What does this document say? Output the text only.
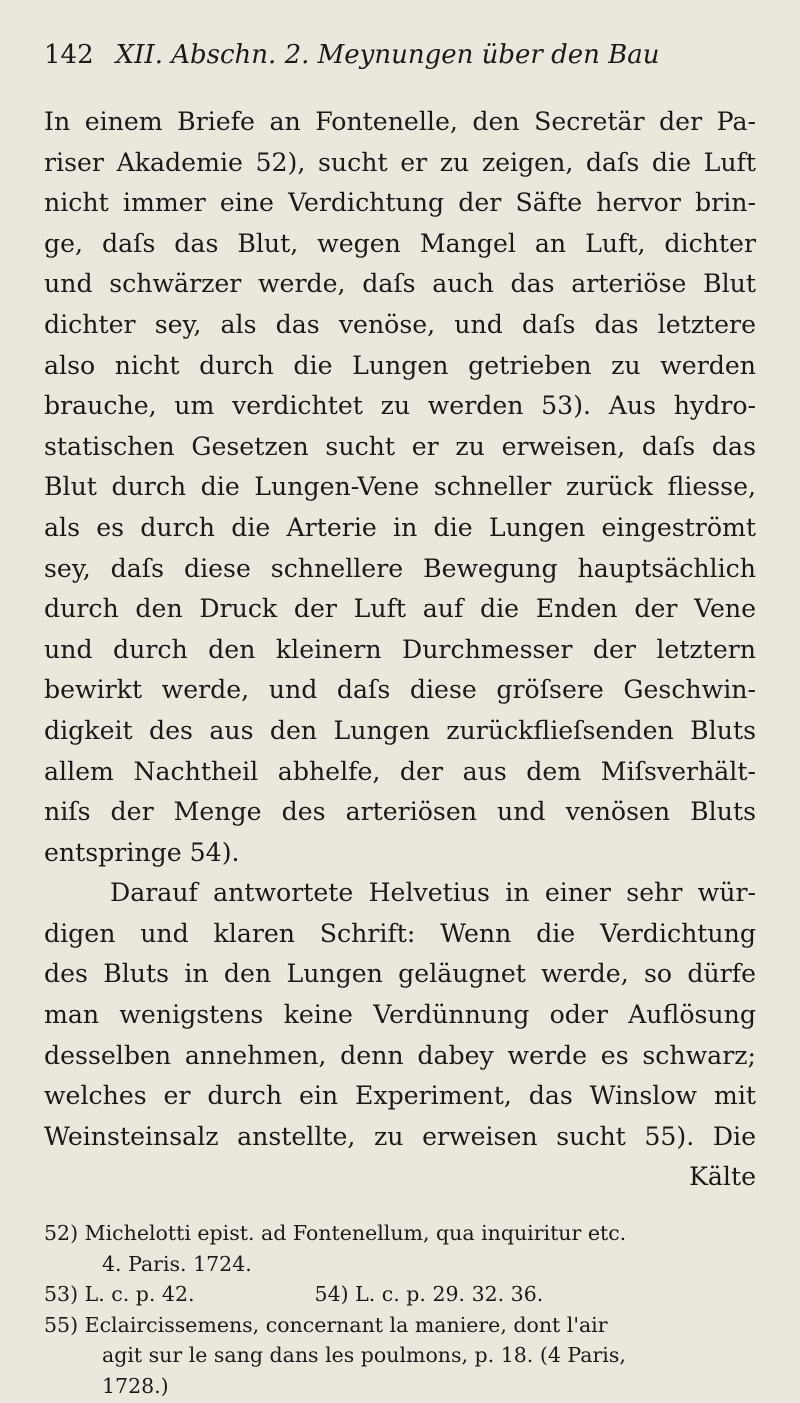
142 XII. Abschn. 2. Meynungen über den Bau
In einem Briefe an Fontenelle, den Secretär der Pa-
riser Akademie 52), sucht er zu zeigen, daſs die Luft
nicht immer eine Verdichtung der Säfte hervor brin-
ge, daſs das Blut, wegen Mangel an Luft, dichter
und schwärzer werde, daſs auch das arteriöse Blut
dichter sey, als das venöse, und daſs das letztere
also nicht durch die Lungen getrieben zu werden
brauche, um verdichtet zu werden 53). Aus hydro-
statischen Gesetzen sucht er zu erweisen, daſs das
Blut durch die Lungen-Vene schneller zurück fliesse,
als es durch die Arterie in die Lungen eingeströmt
sey, daſs diese schnellere Bewegung hauptsächlich
durch den Druck der Luft auf die Enden der Vene
und durch den kleinern Durchmesser der letztern
bewirkt werde, und daſs diese gröſsere Geschwin-
digkeit des aus den Lungen zurückflieſsenden Bluts
allem Nachtheil abhelfe, der aus dem Miſsverhält-
niſs der Menge des arteriösen und venösen Bluts
entspringe 54).
Darauf antwortete Helvetius in einer sehr wür-
digen und klaren Schrift: Wenn die Verdichtung
des Bluts in den Lungen geläugnet werde, so dürfe
man wenigstens keine Verdünnung oder Auflösung
desselben annehmen, denn dabey werde es schwarz;
welches er durch ein Experiment, das Winslow mit
Weinsteinsalz anstellte, zu erweisen sucht 55). Die
Kälte
52) Michelotti epist. ad Fontenellum, qua inquiritur etc.
4. Paris. 1724.
53) L. c. p. 42.	54) L. c. p. 29. 32. 36.
55) Eclaircissemens, concernant la maniere, dont l'air
agit sur le sang dans les poulmons, p. 18. (4 Paris,
1728.)
